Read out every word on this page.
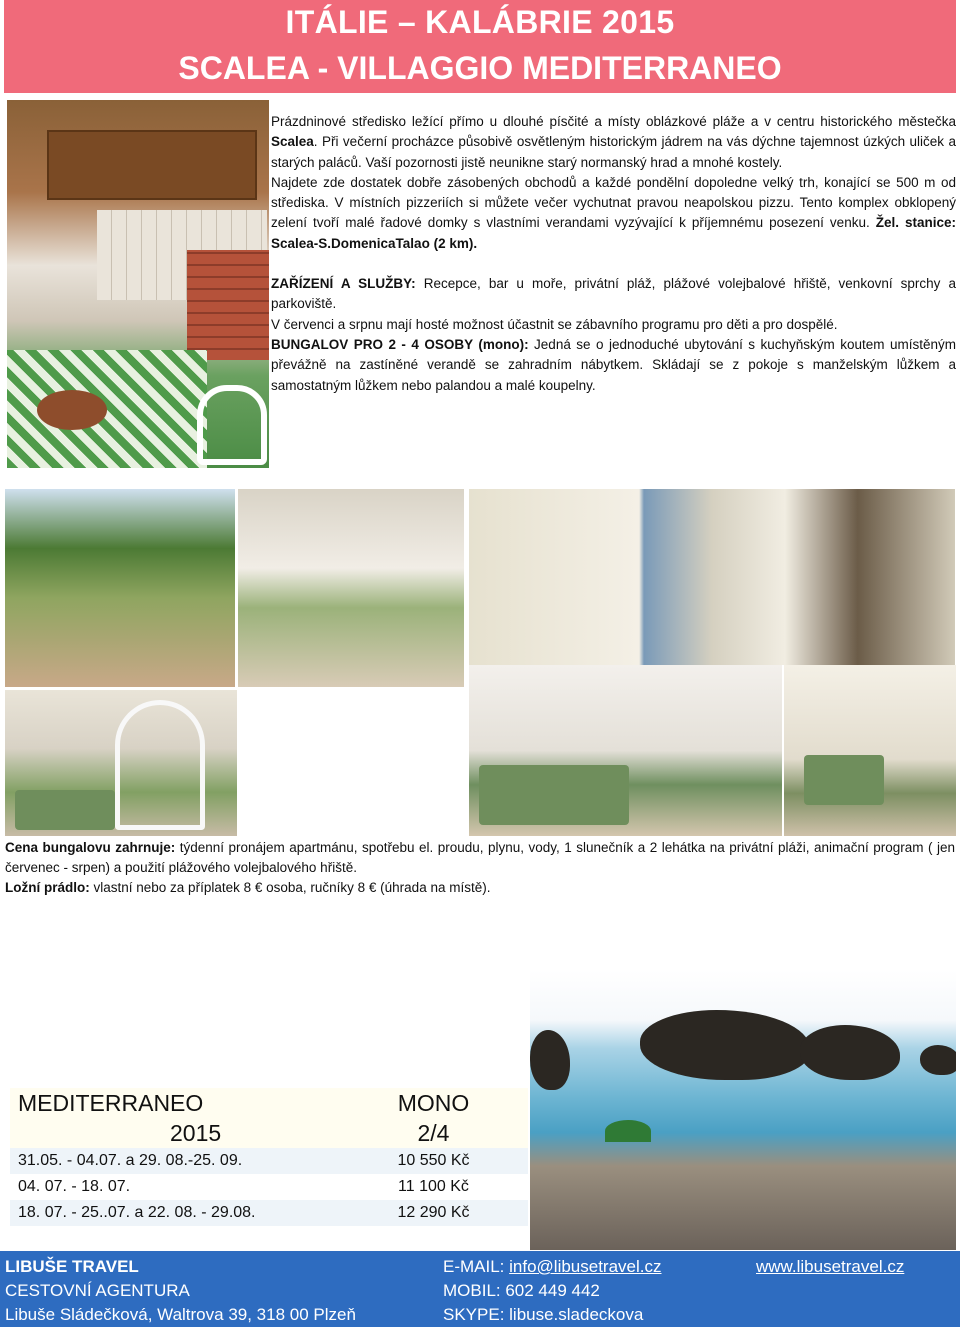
ITÁLIE – KALÁBRIE 2015
SCALEA - VILLAGGIO MEDITERRANEO

Prázdninové středisko ležící přímo u dlouhé písčité a místy oblázkové pláže a v centru historického městečka Scalea. Při večerní procházce působivě osvětleným historickým jádrem na vás dýchne tajemnost úzkých uliček a starých paláců. Vaší pozornosti jistě neunikne starý normanský hrad a mnohé kostely.

Najdete zde dostatek dobře zásobených obchodů a každé pondělní dopoledne velký trh, konající se 500 m od střediska. V místních pizzeriích si můžete večer vychutnat pravou neapolskou pizzu. Tento komplex obklopený zelení tvoří malé řadové domky s vlastními verandami vyzývající k příjemnému posezení venku. Žel. stanice: Scalea-S.DomenicaTalao (2 km).

ZAŘÍZENÍ A SLUŽBY: Recepce, bar u moře, privátní pláž, plážové volejbalové hřiště, venkovní sprchy a parkoviště.

V červenci a srpnu mají hosté možnost účastnit se zábavního programu pro děti a pro dospělé.

BUNGALOV PRO 2 - 4 OSOBY (mono): Jedná se o jednoduché ubytování s kuchyňským koutem umístěným převážně na zastíněné verandě se zahradním nábytkem. Skládají se z pokoje s manželským lůžkem a samostatným lůžkem nebo palandou a malé koupelny.

Cena bungalovu zahrnuje: týdenní pronájem apartmánu, spotřebu el. proudu, plynu, vody, 1 slunečník a 2 lehátka na privátní pláži, animační program ( jen červenec - srpen) a použití plážového volejbalového hřiště.
Ložní prádlo: vlastní nebo za příplatek 8 € osoba, ručníky 8 € (úhrada na místě).
MEDITERRANEO	MONO
2015	2/4
31.05. - 04.07. a 29. 08.-25. 09.	10 550 Kč
04. 07. - 18. 07.	11 100 Kč
18. 07. - 25..07. a 22. 08. - 29.08.	12 290 Kč
LIBUŠE TRAVEL
CESTOVNÍ AGENTURA
Libuše Sládečková, Waltrova 39, 318 00 Plzeň
E-MAIL: info@libusetravel.cz
MOBIL: 602 449 442
SKYPE: libuse.sladeckova
www.libusetravel.cz
